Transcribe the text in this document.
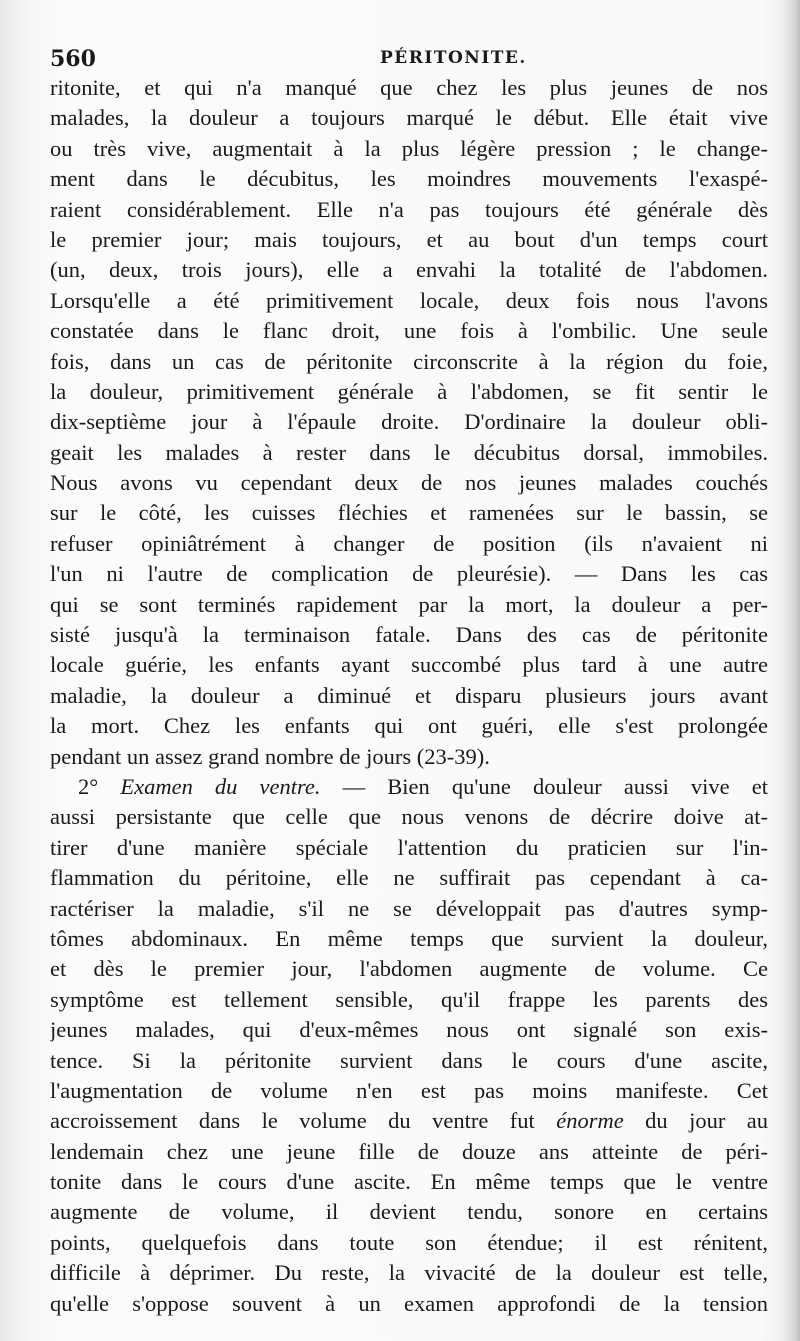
560	PÉRITONITE.
ritonite, et qui n'a manqué que chez les plus jeunes de nos
malades, la douleur a toujours marqué le début. Elle était vive
ou très vive, augmentait à la plus légère pression ; le change-
ment dans le décubitus, les moindres mouvements l'exaspé-
raient considérablement. Elle n'a pas toujours été générale dès
le premier jour; mais toujours, et au bout d'un temps court
(un, deux, trois jours), elle a envahi la totalité de l'abdomen.
Lorsqu'elle a été primitivement locale, deux fois nous l'avons
constatée dans le flanc droit, une fois à l'ombilic. Une seule
fois, dans un cas de péritonite circonscrite à la région du foie,
la douleur, primitivement générale à l'abdomen, se fit sentir le
dix-septième jour à l'épaule droite. D'ordinaire la douleur obli-
geait les malades à rester dans le décubitus dorsal, immobiles.
Nous avons vu cependant deux de nos jeunes malades couchés
sur le côté, les cuisses fléchies et ramenées sur le bassin, se
refuser opiniâtrément à changer de position (ils n'avaient ni
l'un ni l'autre de complication de pleurésie). — Dans les cas
qui se sont terminés rapidement par la mort, la douleur a per-
sisté jusqu'à la terminaison fatale. Dans des cas de péritonite
locale guérie, les enfants ayant succombé plus tard à une autre
maladie, la douleur a diminué et disparu plusieurs jours avant
la mort. Chez les enfants qui ont guéri, elle s'est prolongée
pendant un assez grand nombre de jours (23-39).
2° Examen du ventre. — Bien qu'une douleur aussi vive et
aussi persistante que celle que nous venons de décrire doive at-
tirer d'une manière spéciale l'attention du praticien sur l'in-
flammation du péritoine, elle ne suffirait pas cependant à ca-
ractériser la maladie, s'il ne se développait pas d'autres symp-
tômes abdominaux. En même temps que survient la douleur,
et dès le premier jour, l'abdomen augmente de volume. Ce
symptôme est tellement sensible, qu'il frappe les parents des
jeunes malades, qui d'eux-mêmes nous ont signalé son exis-
tence. Si la péritonite survient dans le cours d'une ascite,
l'augmentation de volume n'en est pas moins manifeste. Cet
accroissement dans le volume du ventre fut énorme du jour au
lendemain chez une jeune fille de douze ans atteinte de péri-
tonite dans le cours d'une ascite. En même temps que le ventre
augmente de volume, il devient tendu, sonore en certains
points, quelquefois dans toute son étendue; il est rénitent,
difficile à déprimer. Du reste, la vivacité de la douleur est telle,
qu'elle s'oppose souvent à un examen approfondi de la tension
